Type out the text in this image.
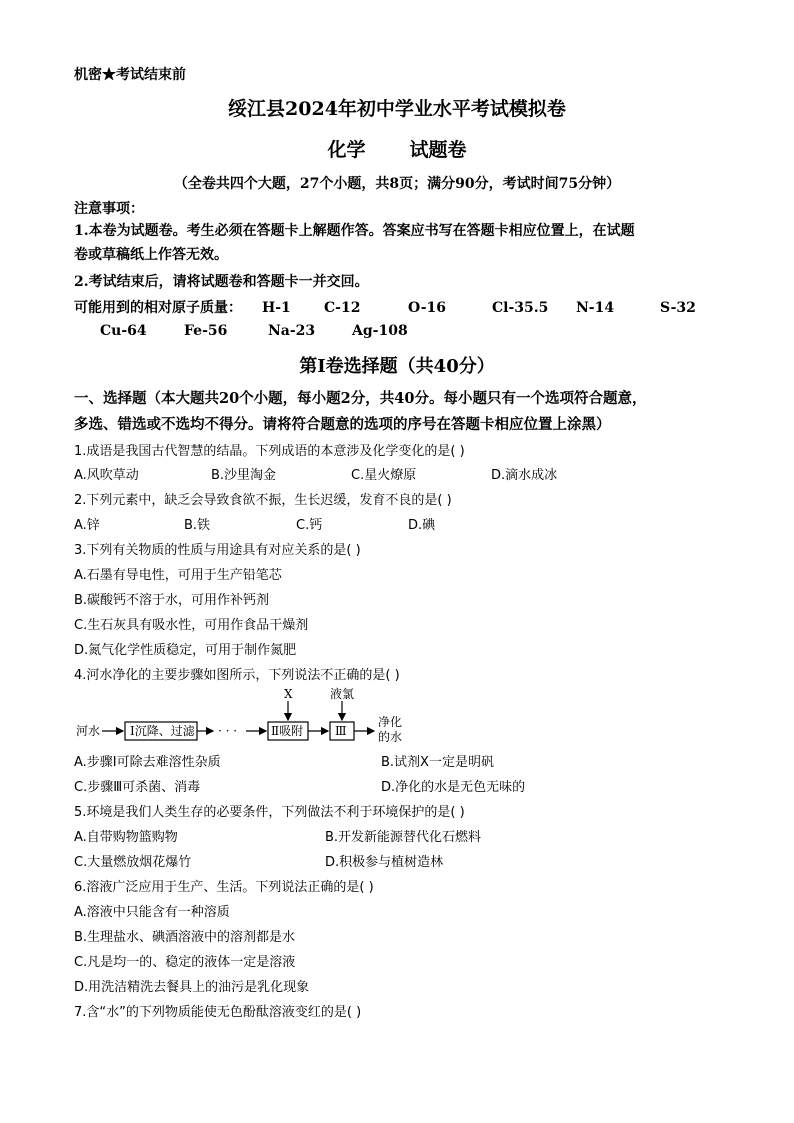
机密★考试结束前
绥江县2024年初中学业水平考试模拟卷
化学 试题卷
（全卷共四个大题，27个小题，共8页；满分90分，考试时间75分钟）
注意事项：
1.本卷为试题卷。考生必须在答题卡上解题作答。答案应书写在答题卡相应位置上，在试题
卷或草稿纸上作答无效。
2.考试结束后，请将试题卷和答题卡一并交回。
可能用到的相对原子质量： H-1 C-12	O-16	Cl-35.5 N-14	S-32
Cu-64	Fe-56	Na-23	Ag-108
第Ⅰ卷选择题（共40分）
一、选择题（本大题共20个小题，每小题2分，共40分。每小题只有一个选项符合题意，
多选、错选或不选均不得分。请将符合题意的选项的序号在答题卡相应位置上涂黑）
1.成语是我国古代智慧的结晶。下列成语的本意涉及化学变化的是( )
A.风吹草动	B.沙里淘金	C.星火燎原	D.滴水成冰
2.下列元素中，缺乏会导致食欲不振，生长迟缓，发育不良的是( )
A.锌	B.铁	C.钙	D.碘
3.下列有关物质的性质与用途具有对应关系的是( )
A.石墨有导电性，可用于生产铅笔芯
B.碳酸钙不溶于水，可用作补钙剂
C.生石灰具有吸水性，可用作食品干燥剂
D.氮气化学性质稳定，可用于制作氮肥
4.河水净化的主要步骤如图所示，下列说法不正确的是( )
河水 Ⅰ沉降、过滤 · · ·	Ⅱ吸附
X
Ⅲ
液氯
净化
的水
A.步骤Ⅰ可除去难溶性杂质	B.试剂X一定是明矾
C.步骤Ⅲ可杀菌、消毒	D.净化的水是无色无味的
5.环境是我们人类生存的必要条件，下列做法不利于环境保护的是( )
A.自带购物篮购物	B.开发新能源替代化石燃料
C.大量燃放烟花爆竹	D.积极参与植树造林
6.溶液广泛应用于生产、生活。下列说法正确的是( )
A.溶液中只能含有一种溶质
B.生理盐水、碘酒溶液中的溶剂都是水
C.凡是均一的、稳定的液体一定是溶液
D.用洗洁精洗去餐具上的油污是乳化现象
7.含“水”的下列物质能使无色酚酞溶液变红的是( )
